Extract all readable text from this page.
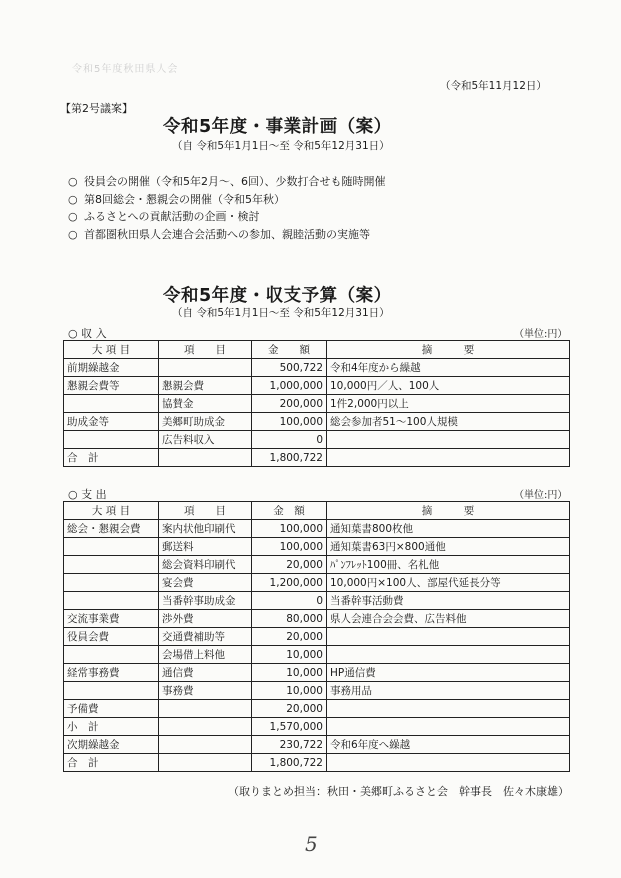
令和5年度秋田県人会
（令和5年11月12日）
【第2号議案】
令和5年度・事業計画（案）
（自 令和5年1月1日～至 令和5年12月31日）
○ 役員会の開催（令和5年2月～、6回）、少数打合せも随時開催
○ 第8回総会・懇親会の開催（令和5年秋）
○ ふるさとへの貢献活動の企画・検討
○ 首都圏秋田県人会連合会活動への参加、親睦活動の実施等
令和5年度・収支予算（案）
（自 令和5年1月1日～至 令和5年12月31日）
○ 収 入	（単位:円）
大 項 目	項　　目	金　　額	摘　　　要
前期繰越金		500,722	令和4年度から繰越
懇親会費等	懇親会費	1,000,000	10,000円／人、100人
	協賛金	200,000	1件2,000円以上
助成金等	美郷町助成金	100,000	総会参加者51～100人規模
	広告料収入	0	
合　計		1,800,722	
○ 支 出	（単位:円）
大 項 目	項　　目	金　額	摘　　　要
総会・懇親会費	案内状他印刷代	100,000	通知葉書800枚他
	郵送料	100,000	通知葉書63円×800通他
	総会資料印刷代	20,000	ﾊﾟﾝﾌﾚｯﾄ100冊、名札他
	宴会費	1,200,000	10,000円×100人、部屋代延長分等
	当番幹事助成金	0	当番幹事活動費
交流事業費	渉外費	80,000	県人会連合会会費、広告料他
役員会費	交通費補助等	20,000	
	会場借上料他	10,000	
経常事務費	通信費	10,000	HP通信費
	事務費	10,000	事務用品
予備費		20,000	
小　計		1,570,000	
次期繰越金		230,722	令和6年度へ繰越
合　計		1,800,722	
（取りまとめ担当：秋田・美郷町ふるさと会　幹事長　佐々木康雄）
5
